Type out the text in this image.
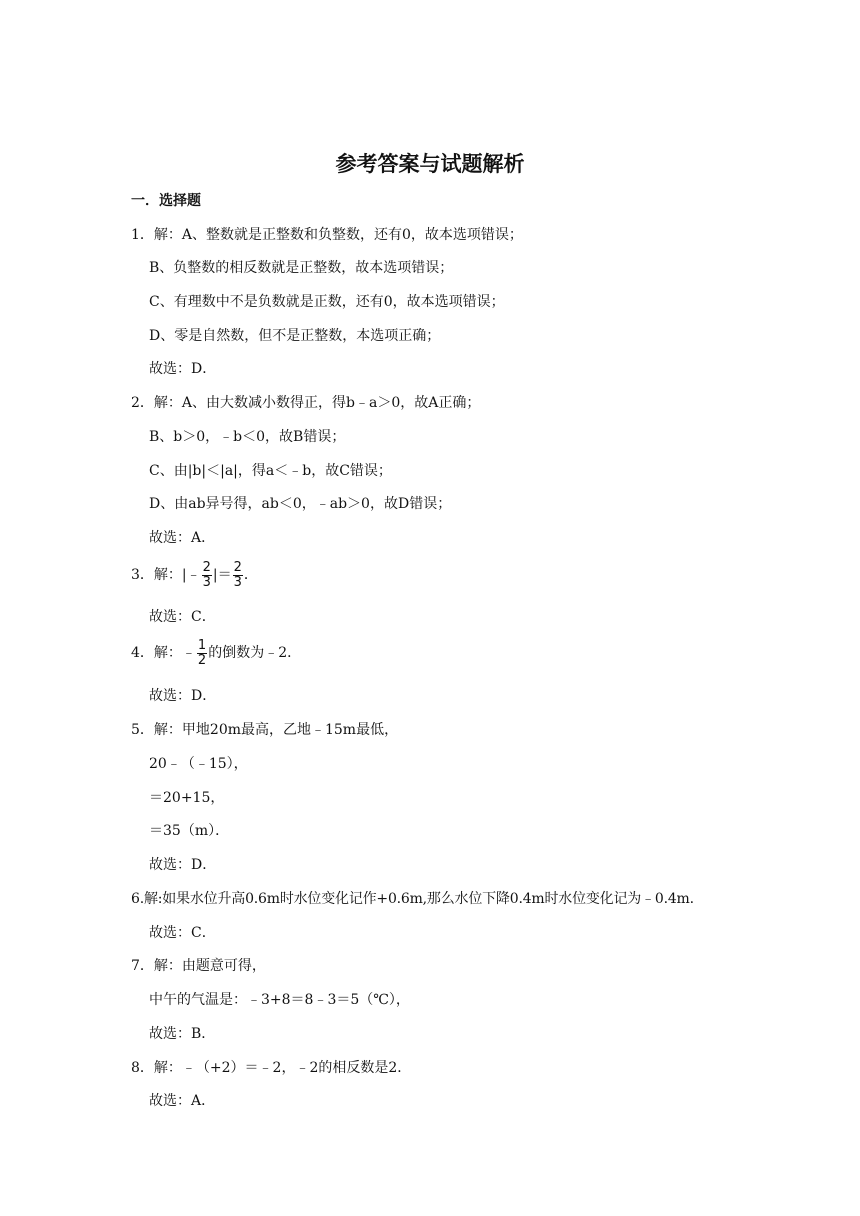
参考答案与试题解析
一．选择题
1．解：A、整数就是正整数和负整数，还有0，故本选项错误；
B、负整数的相反数就是正整数，故本选项错误；
C、有理数中不是负数就是正数，还有0，故本选项错误；
D、零是自然数，但不是正整数，本选项正确；
故选：D．
2．解：A、由大数减小数得正，得b﹣a＞0，故A正确；
B、b＞0，﹣b＜0，故B错误；
C、由|b|＜|a|，得a＜﹣b，故C错误；
D、由ab异号得，ab＜0，﹣ab＞0，故D错误；
故选：A．
3．解：|﹣ $\frac{2}{3}$ |＝ $\frac{2}{3}$ ．
故选：C．
4．解：﹣ $\frac{1}{2}$ 的倒数为﹣2．
故选：D．
5．解：甲地20m最高，乙地﹣15m最低，
20﹣（﹣15），
＝20+15，
＝35（m）．
故选：D．
6.解:如果水位升高0.6m时水位变化记作+0.6m,那么水位下降0.4m时水位变化记为﹣0.4m.
故选：C．
7．解：由题意可得，
中午的气温是：﹣3+8＝8﹣3＝5（℃），
故选：B．
8．解：﹣（+2）＝﹣2，﹣2的相反数是2．
故选：A．
